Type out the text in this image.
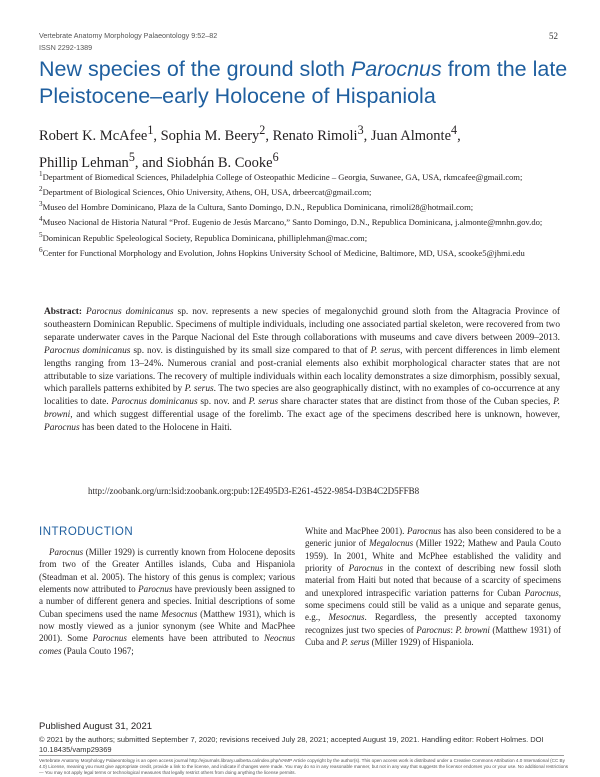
Vertebrate Anatomy Morphology Palaeontology 9:52–82
ISSN 2292-1389
52
New species of the ground sloth Parocnus from the late Pleistocene–early Holocene of Hispaniola
Robert K. McAfee$^1$, Sophia M. Beery$^2$, Renato Rimoli$^3$, Juan Almonte$^4$,
Phillip Lehman$^5$, and Siobhán B. Cooke$^6$

$^1$Department of Biomedical Sciences, Philadelphia College of Osteopathic Medicine – Georgia, Suwanee, GA, USA, rkmcafee@gmail.com;

$^2$Department of Biological Sciences, Ohio University, Athens, OH, USA, drbeercat@gmail.com;

$^3$Museo del Hombre Dominicano, Plaza de la Cultura, Santo Domingo, D.N., Republica Dominicana, rimoli28@hotmail.com;

$^4$Museo Nacional de Historia Natural “Prof. Eugenio de Jesús Marcano,” Santo Domingo, D.N., Republica Dominicana, j.almonte@mnhn.gov.do;

$^5$Dominican Republic Speleological Society, Republica Dominicana, philliplehman@mac.com;

$^6$Center for Functional Morphology and Evolution, Johns Hopkins University School of Medicine, Baltimore, MD, USA, scooke5@jhmi.edu

Abstract: Parocnus dominicanus sp. nov. represents a new species of megalonychid ground sloth from the Altagracia Province of southeastern Dominican Republic. Specimens of multiple individuals, including one associated partial skeleton, were recovered from two separate underwater caves in the Parque Nacional del Este through collaborations with museums and cave divers between 2009–2013. Parocnus dominicanus sp. nov. is distinguished by its small size compared to that of P. serus, with percent differences in limb element lengths ranging from 13–24%. Numerous cranial and post-cranial elements also exhibit morphological character states that are not attributable to size variations. The recovery of multiple individuals within each locality demonstrates a size dimorphism, possibly sexual, which parallels patterns exhibited by P. serus. The two species are also geographically distinct, with no examples of co-occurrence at any localities to date. Parocnus dominicanus sp. nov. and P. serus share character states that are distinct from those of the Cuban species, P. browni, and which suggest differential usage of the forelimb. The exact age of the specimens described here is unknown, however, Parocnus has been dated to the Holocene in Haiti.

http://zoobank.org/urn:lsid:zoobank.org:pub:12E495D3-E261-4522-9854-D3B4C2D5FFB8
INTRODUCTION

Parocnus (Miller 1929) is currently known from Holocene deposits from two of the Greater Antilles islands, Cuba and Hispaniola (Steadman et al. 2005). The history of this genus is complex; various elements now attributed to Parocnus have previously been assigned to a number of different genera and species. Initial descriptions of some Cuban specimens used the name Mesocnus (Matthew 1931), which is now mostly viewed as a junior synonym (see White and MacPhee 2001). Some Parocnus elements have been attributed to Neocnus comes (Paula Couto 1967;

White and MacPhee 2001). Parocnus has also been considered to be a generic junior of Megalocnus (Miller 1922; Mathew and Paula Couto 1959). In 2001, White and McPhee established the validity and priority of Parocnus in the context of describing new fossil sloth material from Haiti but noted that because of a scarcity of specimens and unexplored intraspecific variation patterns for Cuban Parocnus, some specimens could still be valid as a unique and separate genus, e.g., Mesocnus. Regardless, the presently accepted taxonomy recognizes just two species of Parocnus: P. browni (Matthew 1931) of Cuba and P. serus (Miller 1929) of Hispaniola.

Published August 31, 2021
© 2021 by the authors; submitted September 7, 2020; revisions received July 28, 2021; accepted August 19, 2021. Handling editor: Robert Holmes. DOI 10.18435/vamp29369
Vertebrate Anatomy Morphology Palaeontology is an open access journal http://ejournals.library.ualberta.ca/index.php/VAMP Article copyright by the author(s). This open access work is distributed under a Creative Commons Attribution 4.0 International (CC By 4.0) License, meaning you must give appropriate credit, provide a link to the license, and indicate if changes were made. You may do so in any reasonable manner, but not in any way that suggests the licensor endorses you or your use. No additional restrictions — You may not apply legal terms or technological measures that legally restrict others from doing anything the license permits.
